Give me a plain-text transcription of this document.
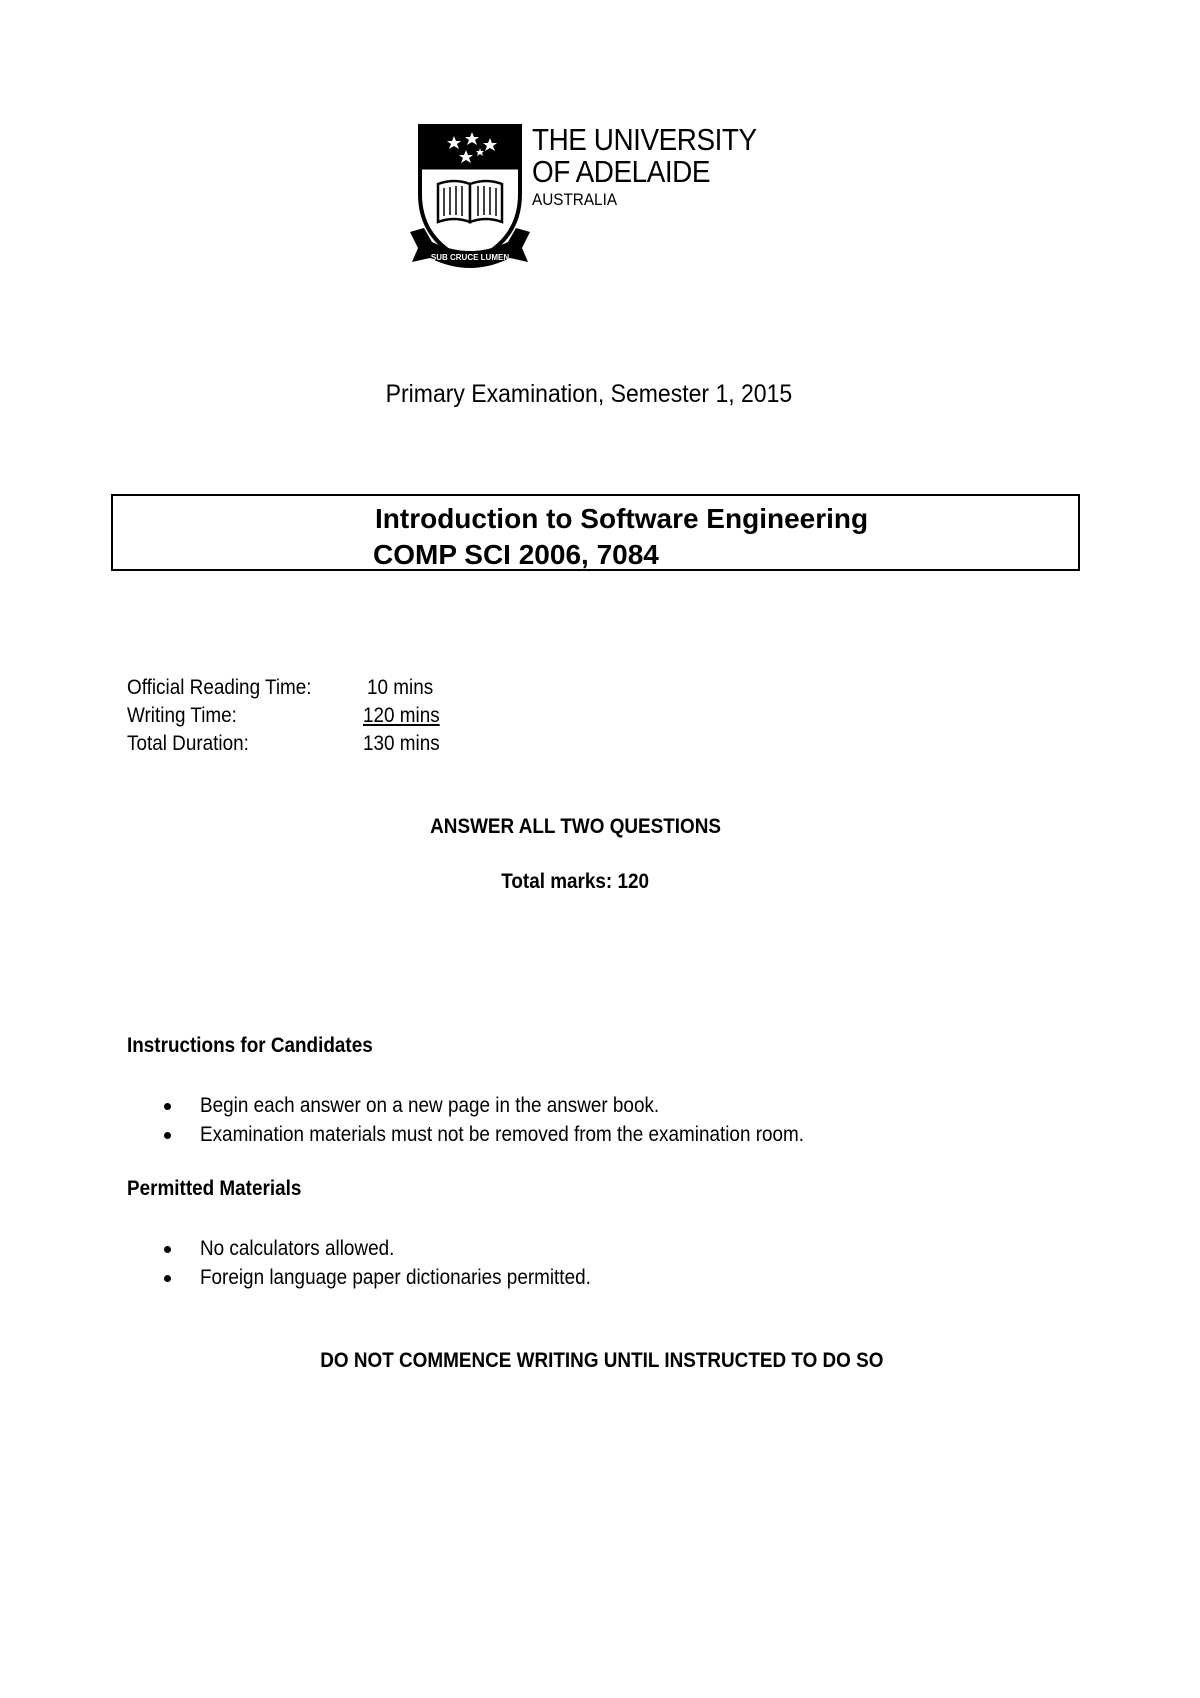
SUB CRUCE LUMEN
THE UNIVERSITY
OF ADELAIDE
AUSTRALIA
Primary Examination, Semester 1, 2015
Introduction to Software Engineering
COMP SCI 2006, 7084
Official Reading Time:	10 mins
Writing Time:	120 mins
Total Duration:	130 mins
ANSWER ALL TWO QUESTIONS
Total marks: 120
Instructions for Candidates
Begin each answer on a new page in the answer book.
Examination materials must not be removed from the examination room.
Permitted Materials
No calculators allowed.
Foreign language paper dictionaries permitted.
DO NOT COMMENCE WRITING UNTIL INSTRUCTED TO DO SO
